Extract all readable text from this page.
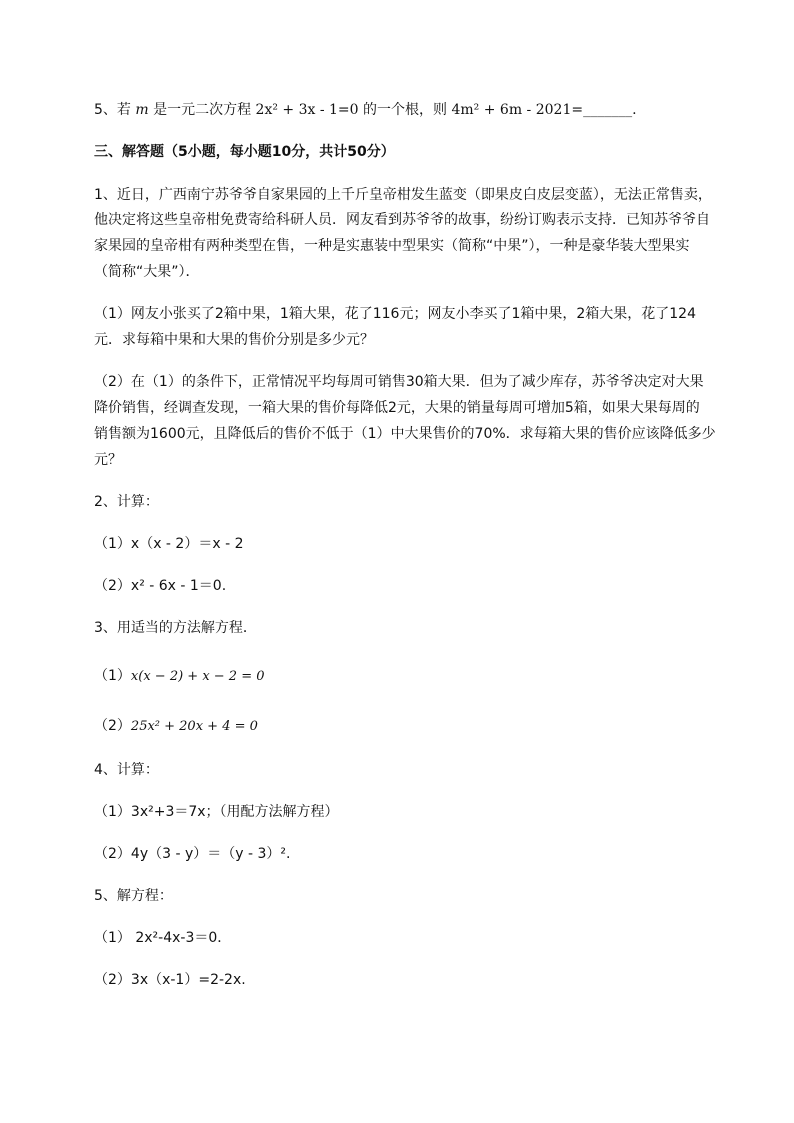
5、若 m 是一元二次方程 2x² + 3x - 1=0 的一个根，则 4m² + 6m - 2021=_______.
三、解答题（5小题，每小题10分，共计50分）
1、近日，广西南宁苏爷爷自家果园的上千斤皇帝柑发生蓝变（即果皮白皮层变蓝），无法正常售卖，
他决定将这些皇帝柑免费寄给科研人员．网友看到苏爷爷的故事，纷纷订购表示支持．已知苏爷爷自
家果园的皇帝柑有两种类型在售，一种是实惠装中型果实（简称“中果”），一种是豪华装大型果实
（简称“大果”）．
（1）网友小张买了2箱中果，1箱大果，花了116元；网友小李买了1箱中果，2箱大果，花了124
元．求每箱中果和大果的售价分别是多少元？
（2）在（1）的条件下，正常情况平均每周可销售30箱大果．但为了减少库存，苏爷爷决定对大果
降价销售，经调查发现，一箱大果的售价每降低2元，大果的销量每周可增加5箱，如果大果每周的
销售额为1600元，且降低后的售价不低于（1）中大果售价的70%．求每箱大果的售价应该降低多少
元？
2、计算：
（1）x（x - 2）＝x - 2
（2）x² - 6x - 1＝0.
3、用适当的方法解方程．
（1）x(x − 2) + x − 2 = 0
（2）25x² + 20x + 4 = 0
4、计算：
（1）3x²+3＝7x；（用配方法解方程）
（2）4y（3 - y）＝（y - 3）².
5、解方程：
（1） 2x²-4x-3＝0．
（2）3x（x-1）=2-2x.
